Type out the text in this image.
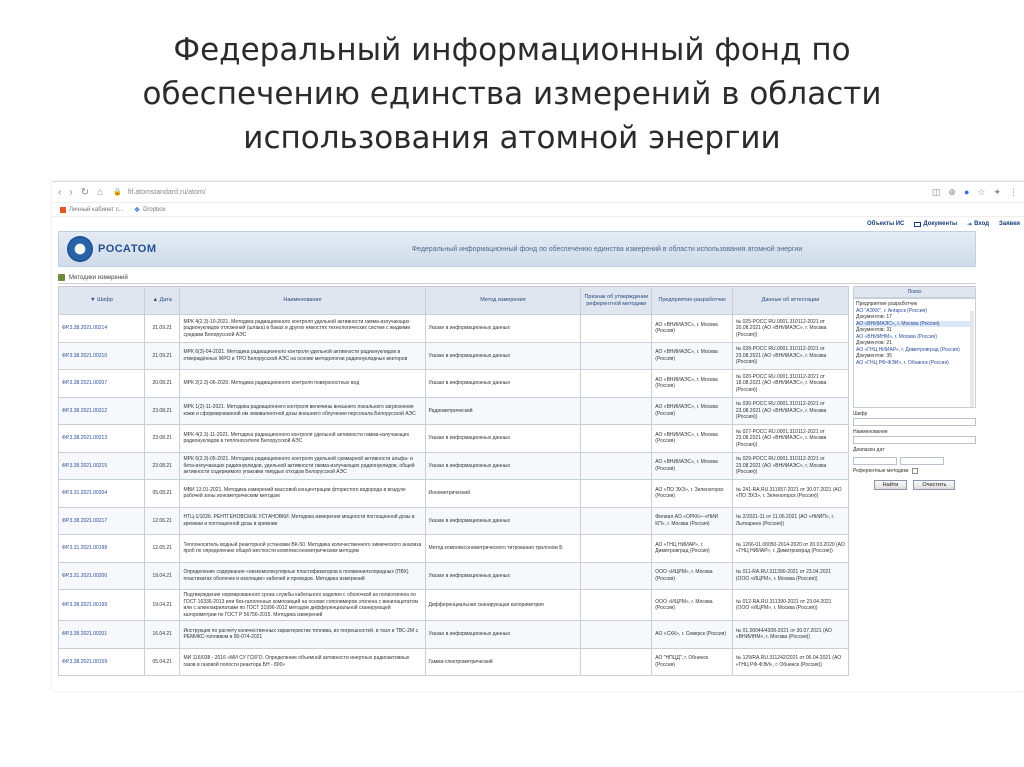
Федеральный информационный фонд по
обеспечению единства измерений в области
использования атомной энергии
‹ › ↻ ⌂ 🔒 fif.atomstandard.ru/atom/	◫ ⊕ ● ☆ ✦ ⋮
Личный кабинет с... ❖ Dropbox
Объекты ИС	Документы ➔ Вход Заявки
РОСАТОМ	Федеральный информационный фонд по обеспечению единства измерений в области использования атомной энергии
Методики измерений
▼ Шифр	▲ Дата	Наименование	Метод измерения	Признак об утверждении референтной методики	Предприятие-разработчик	Данные об аттестации
ФР.3.38.2021.00214	21.09.21	МРК 4(2.3)-10-2021. Методика радиационного контроля удельной активности гамма-излучающих радионуклидов отложений (шлака) в баках и других емкостях технологических систем с жидкими средами Белорусской АЭС	Указан в информационных данных		АО «ВНИИАЭС», г. Москва (Россия)	№ 025-РОСС RU.0001.310112-2021 от 20.08.2021 (АО «ВНИИАЭС», г. Москва (Россия))
ФР.3.38.2021.00210	21.09.21	МРК 6(3)-04-2021. Методика радиационного контроля удельной активности радионуклидов в отверждённых ЖРО и ТРО Белорусской АЭС на основе методологии радионуклидных векторов	Указан в информационных данных		АО «ВНИИАЭС», г. Москва (Россия)	№ 028-РОСС RU.0001.310112-2021 от 23.08.2021 (АО «ВНИИАЭС», г. Москва (Россия))
ФР.3.38.2021.00207	20.08.21	МРК 2(2.3)-06-2020. Методика радиационного контроля поверхностных вод	Указан в информационных данных		АО «ВНИИАЭС», г. Москва (Россия)	№ 020-РОСС RU.0001.310112-2021 от 18.08.2021 (АО «ВНИИАЭС», г. Москва (Россия))
ФР.3.38.2021.00212	23.08.21	МРК 1(2)-11-2021. Методика радиационного контроля величины внешнего локального загрязнения кожи и сформированной им эквивалентной дозы внешнего облучения персонала Белорусской АЭС	Радиометрический		АО «ВНИИАЭС», г. Москва (Россия)	№ 030-РОСС RU.0001.310112-2021 от 23.08.2021 (АО «ВНИИАЭС», г. Москва (Россия))
ФР.3.38.2021.00213	23.08.21	МРК 4(2.3)-11-2021. Методика радиационного контроля удельной активности гамма-излучающих радионуклидов в теплоносителе Белорусской АЭС	Указан в информационных данных		АО «ВНИИАЭС», г. Москва (Россия)	№ 027-РОСС RU.0001.310112-2021 от 23.08.2021 (АО «ВНИИАЭС», г. Москва (Россия))
ФР.3.38.2021.00215	23.08.21	МРК 6(2.3)-05-2021. Методика радиационного контроля удельной суммарной активности альфа- и бета-излучающих радионуклидов, удельной активности гамма-излучающих радионуклидов, общей активности содержимого упаковки твердых отходов Белорусской АЭС	Указан в информационных данных		АО «ВНИИАЭС», г. Москва (Россия)	№ 029-РОСС RU.0001.310112-2021 от 23.08.2021 (АО «ВНИИАЭС», г. Москва (Россия))
ФР.3.31.2021.00204	05.08.21	МВИ 13.01-2021. Методика измерений массовой концентрации фтористого водорода в воздухе рабочей зоны ионометрическим методом	Ионометрический		АО «ПО ЭХЗ», г. Зеленогорск (Россия)	№ 241-RA.RU.311657-2021 от 30.07.2021 (АО «ПО ЭХЗ», г. Зеленогорск (Россия))
ФР.3.38.2021.00217	12.06.21	НТЦ-1/1026. РЕНТГЕНОВСКИЕ УСТАНОВКИ. Методика измерения мощности поглощенной дозы в кремнии и поглощенной дозы в кремнии	Указан в информационных данных		Филиал АО «ОРКК»–«НИИ КП», г. Москва (Россия)	№ 2/2021-11 от 11.06.2021 (АО «НИИП», г. Лыткарино (Россия))
ФР.3.31.2021.00198	12.05.21	Теплоноситель водный реакторной установки ВК-50. Методика количественного химического анализа проб по определению общей жесткости комплексонометрическим методом	Метод комплексонометрического титрования трилоном Б		АО «ГНЦ НИИАР», г. Димитровград (Россия)	№ 1266-01.00050-2014-2020 от 20.03.2020 (АО «ГНЦ НИИАР», г. Димитровград (Россия))
ФР.3.31.2021.00200	19.04.21	Определение содержания «низкомолекулярных пластификаторов в поливинилхлоридных (ПВХ) пластикатах оболочек и изоляции» кабелей и проводов. Методика измерений	Указан в информационных данных		ООО «ИЦРМ», г. Москва (Россия)	№ 011-RA.RU.311390-2021 от 23.04.2021 (ООО «ИЦРМ», г. Москва (Россия))
ФР.3.38.2021.00199	19.04.21	Подтверждение нормированного срока службы кабельного изделия с оболочкой из полиэтилена по ГОСТ 16336-2013 или без-галогенных композиций на основе сополимеров этилена с винилацетатом или с алкилакрилатами по ГОСТ 31996-2012 методом дифференциальной сканирующей калориметрии по ГОСТ Р 56756-2015. Методика измерений	Дифференциальная сканирующая калориметрия		ООО «ИЦРМ», г. Москва (Россия)	№ 012-RA.RU.311390-2021 от 23.04.2021 (ООО «ИЦРМ», г. Москва (Россия))
ФР.3.38.2021.00201	16.04.21	Инструкция по расчету количественных характеристик топлива, их погрешностей, в твэл и ТВС-2М с РЕМИКС-топливом и 80-074-2021	Указан в информационных данных		АО «СХК», г. Северск (Россия)	№ 01.00044/4308-2021 от 30.07.2021 (АО «ВНИИНМ», г. Москва (Россия))
ФР.3.38.2021.00159	05.04.21	МИ 116/038 - 2016 «МИ СУ ГСКГО. Определение объемной активности инертных радиоактивных газов в газовой полости реактора БН - 800»	Гамма-спектрометрический		АО "НПЦД", г. Обнинск (Россия)	№ 129/RA.RU.311242/2021 от 06.04.2021 (АО «ГНЦ РФ-ФЭИ», г. Обнинск (Россия))
Поиск
Предприятие разработчик
АО "АЭХК", г. Ангарск (Россия)
Документов: 17
АО «ВНИИАЭС», г. Москва (Россия)
Документов: 31
АО «ВНИИНМ», г. Москва (Россия)
Документов: 21
АО «ГНЦ НИИАР», г. Димитровград (Россия)
Документов: 35
АО «ГНЦ РФ-ФЭИ», г. Обнинск (Россия)
Шифр
Наименование
Диапазон дат
Референтные методики
Найти	Очистить
